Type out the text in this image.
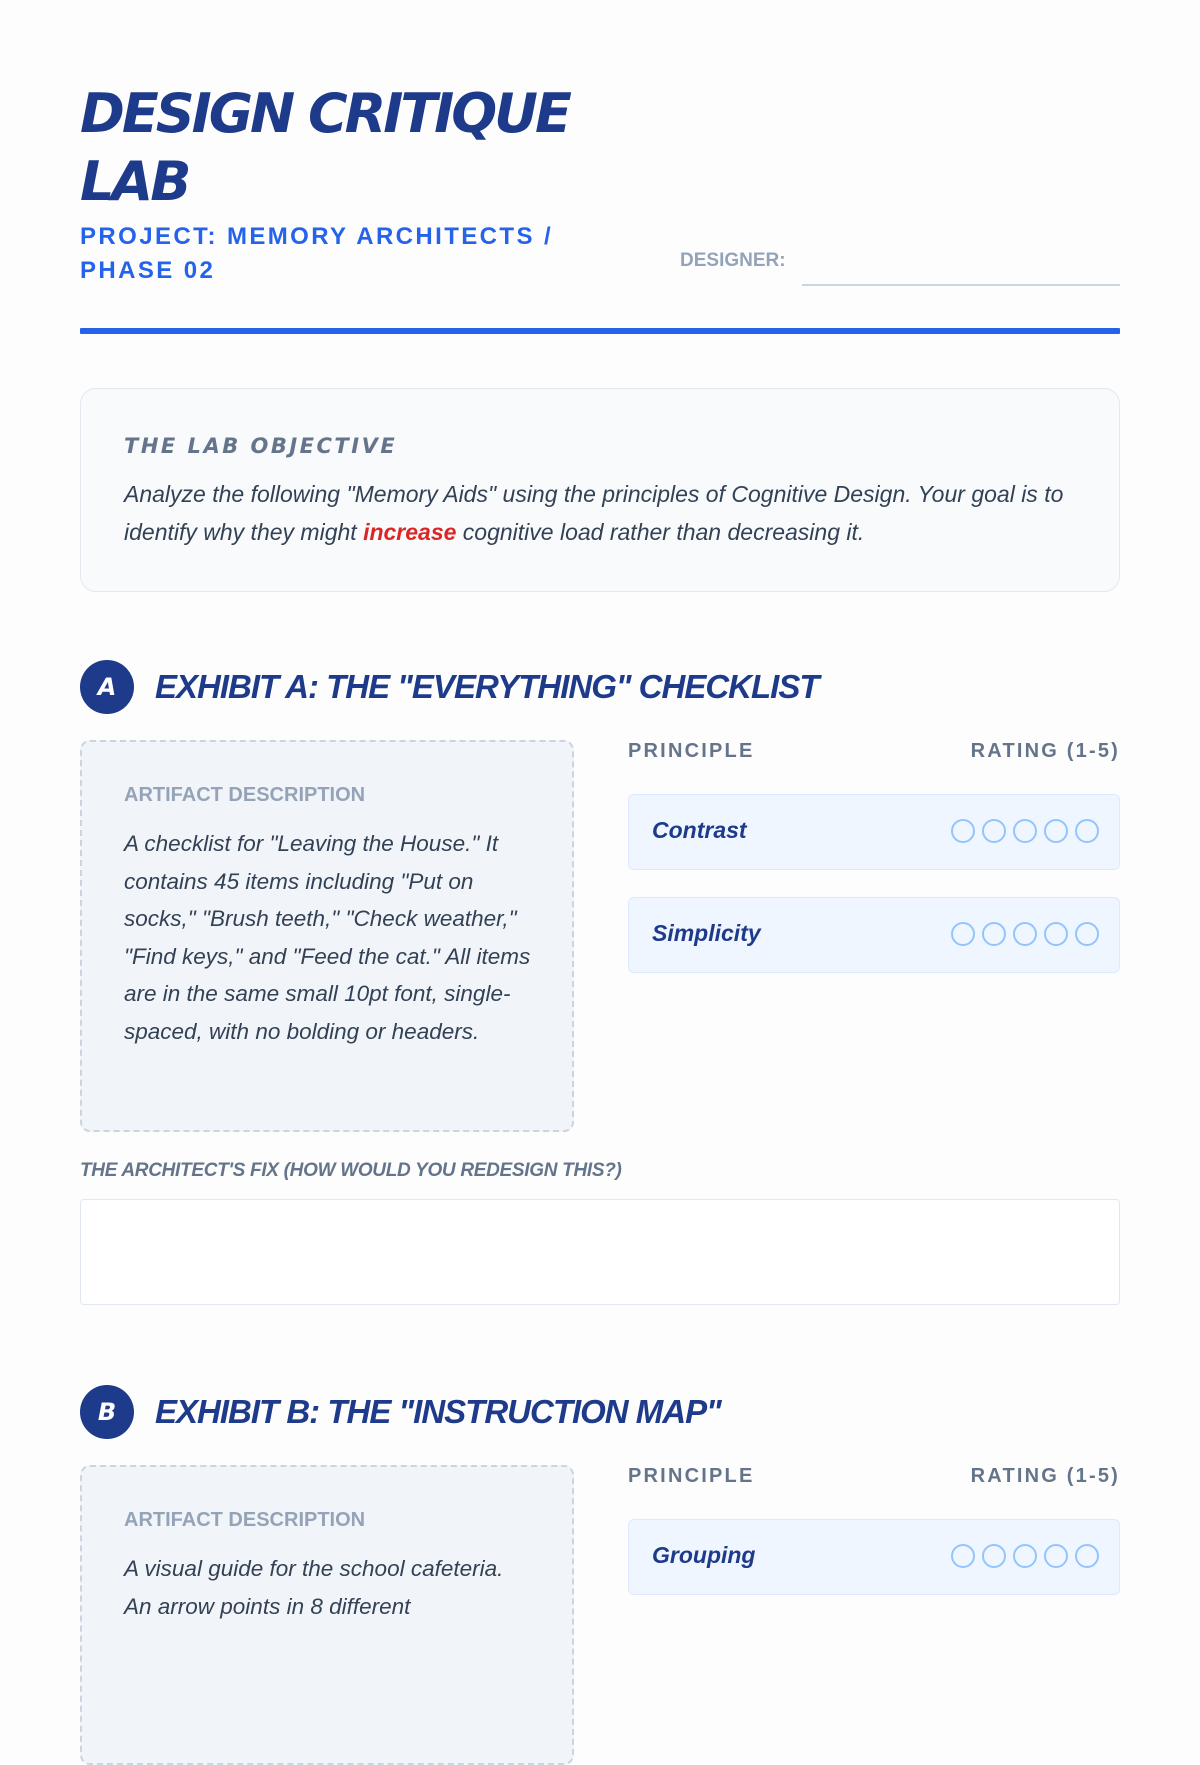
DESIGN CRITIQUE LAB
PROJECT: MEMORY ARCHITECTS / PHASE 02	DESIGNER:
THE LAB OBJECTIVE
Analyze the following "Memory Aids" using the principles of Cognitive Design. Your goal is to identify why they might increase cognitive load rather than decreasing it.
A	EXHIBIT A: THE "EVERYTHING" CHECKLIST
ARTIFACT DESCRIPTION
A checklist for "Leaving the House." It contains 45 items including "Put on socks," "Brush teeth," "Check weather," "Find keys," and "Feed the cat." All items are in the same small 10pt font, single-spaced, with no bolding or headers.
PRINCIPLE	RATING (1-5)
Contrast
Simplicity
THE ARCHITECT'S FIX (HOW WOULD YOU REDESIGN THIS?)
B	EXHIBIT B: THE "INSTRUCTION MAP"
ARTIFACT DESCRIPTION
A visual guide for the school cafeteria. An arrow points in 8 different
PRINCIPLE	RATING (1-5)
Grouping
